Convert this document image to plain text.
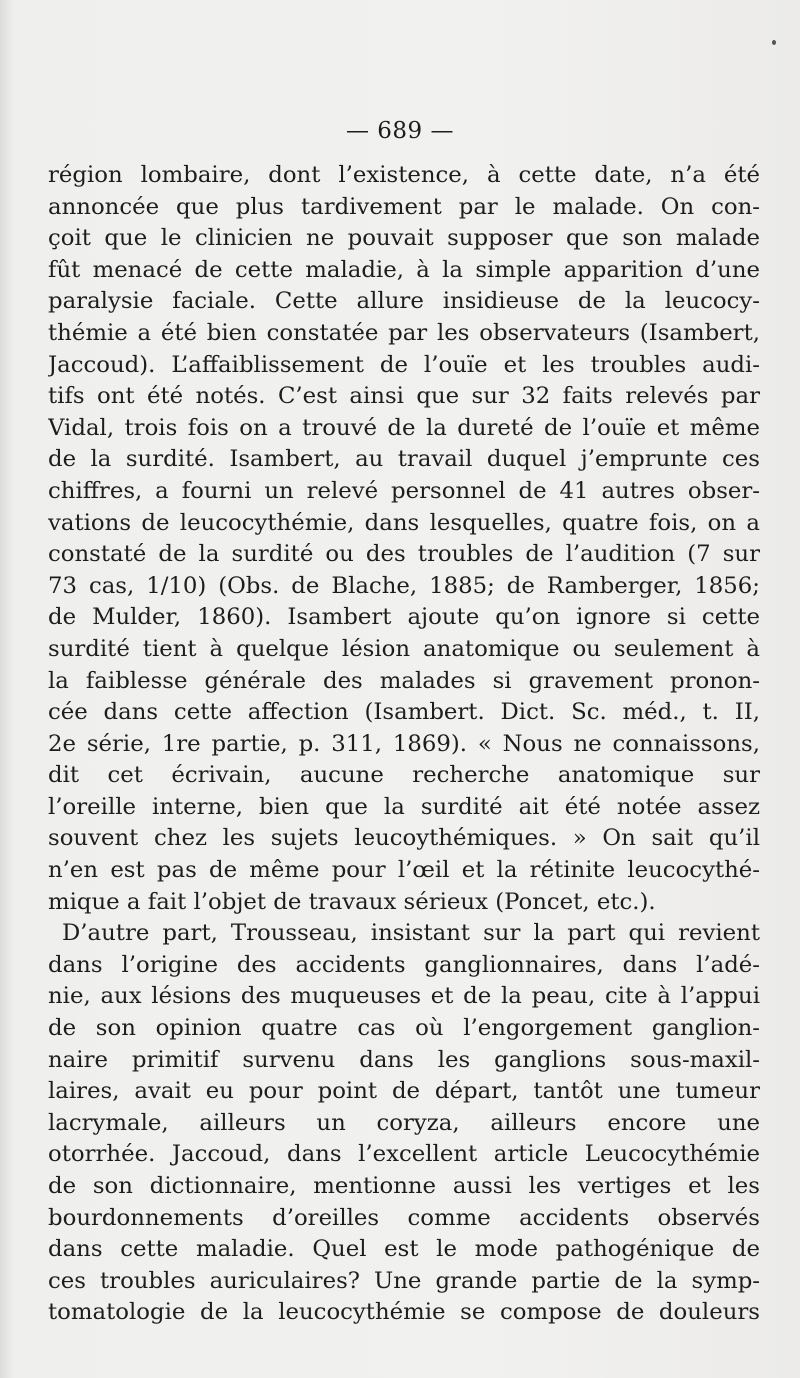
— 689 —
région lombaire, dont l’existence, à cette date, n’a été
annoncée que plus tardivement par le malade. On con-
çoit que le clinicien ne pouvait supposer que son malade
fût menacé de cette maladie, à la simple apparition d’une
paralysie faciale. Cette allure insidieuse de la leucocy-
thémie a été bien constatée par les observateurs (Isambert,
Jaccoud). L’affaiblissement de l’ouïe et les troubles audi-
tifs ont été notés. C’est ainsi que sur 32 faits relevés par
Vidal, trois fois on a trouvé de la dureté de l’ouïe et même
de la surdité. Isambert, au travail duquel j’emprunte ces
chiffres, a fourni un relevé personnel de 41 autres obser-
vations de leucocythémie, dans lesquelles, quatre fois, on a
constaté de la surdité ou des troubles de l’audition (7 sur
73 cas, 1/10) (Obs. de Blache, 1885; de Ramberger, 1856;
de Mulder, 1860). Isambert ajoute qu’on ignore si cette
surdité tient à quelque lésion anatomique ou seulement à
la faiblesse générale des malades si gravement pronon-
cée dans cette affection (Isambert. Dict. Sc. méd., t. II,
2e série, 1re partie, p. 311, 1869). « Nous ne connaissons,
dit cet écrivain, aucune recherche anatomique sur
l’oreille interne, bien que la surdité ait été notée assez
souvent chez les sujets leucoythémiques. » On sait qu’il
n’en est pas de même pour l’œil et la rétinite leucocythé-
mique a fait l’objet de travaux sérieux (Poncet, etc.).
D’autre part, Trousseau, insistant sur la part qui revient
dans l’origine des accidents ganglionnaires, dans l’adé-
nie, aux lésions des muqueuses et de la peau, cite à l’appui
de son opinion quatre cas où l’engorgement ganglion-
naire primitif survenu dans les ganglions sous-maxil-
laires, avait eu pour point de départ, tantôt une tumeur
lacrymale, ailleurs un coryza, ailleurs encore une
otorrhée. Jaccoud, dans l’excellent article Leucocythémie
de son dictionnaire, mentionne aussi les vertiges et les
bourdonnements d’oreilles comme accidents observés
dans cette maladie. Quel est le mode pathogénique de
ces troubles auriculaires? Une grande partie de la symp-
tomatologie de la leucocythémie se compose de douleurs
